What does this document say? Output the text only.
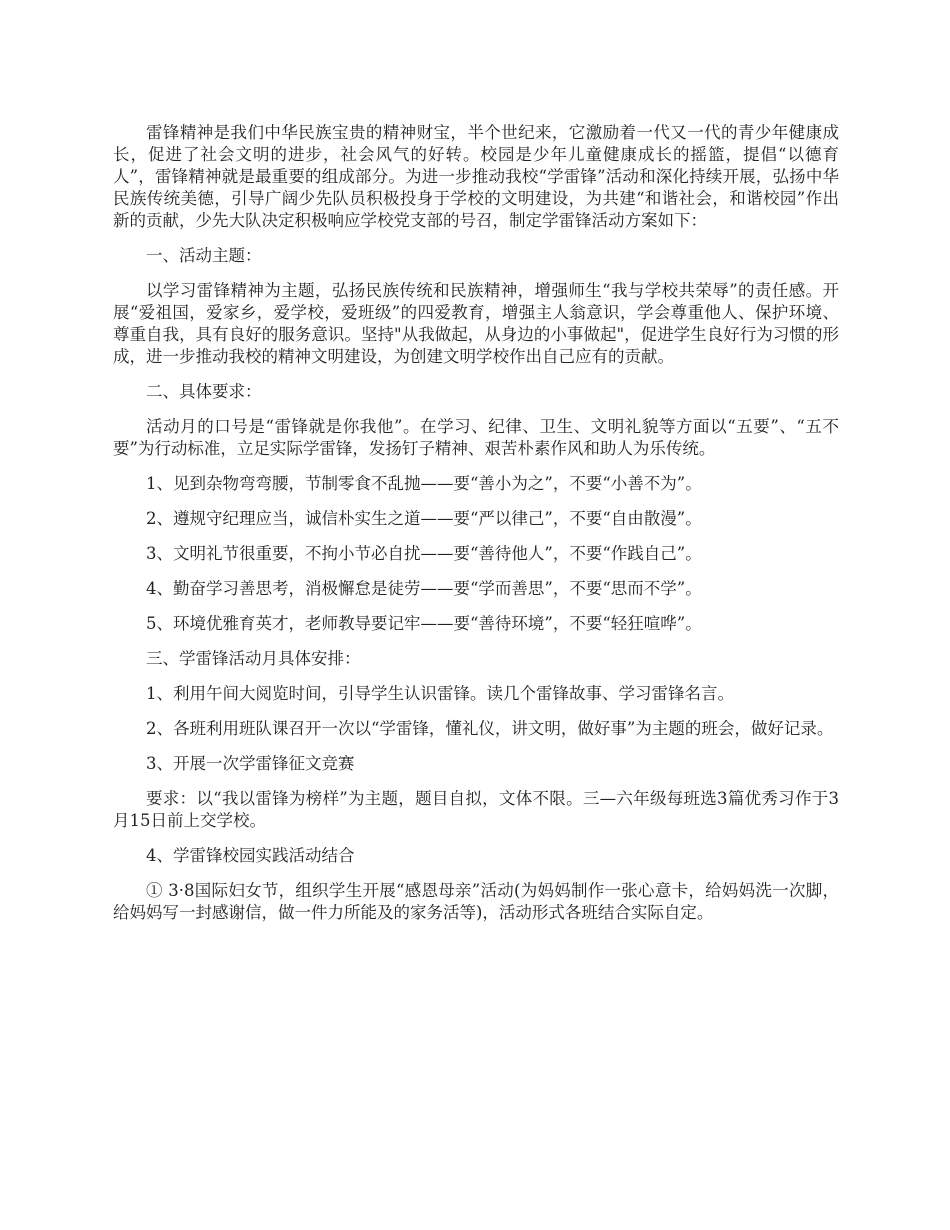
雷锋精神是我们中华民族宝贵的精神财宝，半个世纪来，它激励着一代又一代的青少年健康成长，促进了社会文明的进步，社会风气的好转。校园是少年儿童健康成长的摇篮，提倡“以德育人”，雷锋精神就是最重要的组成部分。为进一步推动我校“学雷锋”活动和深化持续开展，弘扬中华民族传统美德，引导广阔少先队员积极投身于学校的文明建设，为共建“和谐社会，和谐校园”作出新的贡献，少先大队决定积极响应学校党支部的号召，制定学雷锋活动方案如下：

一、活动主题：

以学习雷锋精神为主题，弘扬民族传统和民族精神，增强师生“我与学校共荣辱”的责任感。开展“爱祖国，爱家乡，爱学校，爱班级”的四爱教育，增强主人翁意识，学会尊重他人、保护环境、尊重自我，具有良好的服务意识。坚持"从我做起，从身边的小事做起"，促进学生良好行为习惯的形成，进一步推动我校的精神文明建设，为创建文明学校作出自己应有的贡献。

二、具体要求：

活动月的口号是“雷锋就是你我他”。在学习、纪律、卫生、文明礼貌等方面以“五要”、“五不要”为行动标准，立足实际学雷锋，发扬钉子精神、艰苦朴素作风和助人为乐传统。

1、见到杂物弯弯腰，节制零食不乱抛——要“善小为之”，不要“小善不为”。

2、遵规守纪理应当，诚信朴实生之道——要“严以律己”，不要“自由散漫”。

3、文明礼节很重要，不拘小节必自扰——要“善待他人”，不要“作践自己”。

4、勤奋学习善思考，消极懈怠是徒劳——要“学而善思”，不要“思而不学”。

5、环境优雅育英才，老师教导要记牢——要“善待环境”，不要“轻狂喧哗”。

三、学雷锋活动月具体安排：

1、利用午间大阅览时间，引导学生认识雷锋。读几个雷锋故事、学习雷锋名言。

2、各班利用班队课召开一次以“学雷锋，懂礼仪，讲文明，做好事”为主题的班会，做好记录。

3、开展一次学雷锋征文竞赛

要求：以“我以雷锋为榜样”为主题，题目自拟，文体不限。三—六年级每班选3篇优秀习作于3月15日前上交学校。

4、学雷锋校园实践活动结合

① 3·8国际妇女节，组织学生开展“感恩母亲”活动(为妈妈制作一张心意卡，给妈妈洗一次脚，给妈妈写一封感谢信，做一件力所能及的家务活等)，活动形式各班结合实际自定。
